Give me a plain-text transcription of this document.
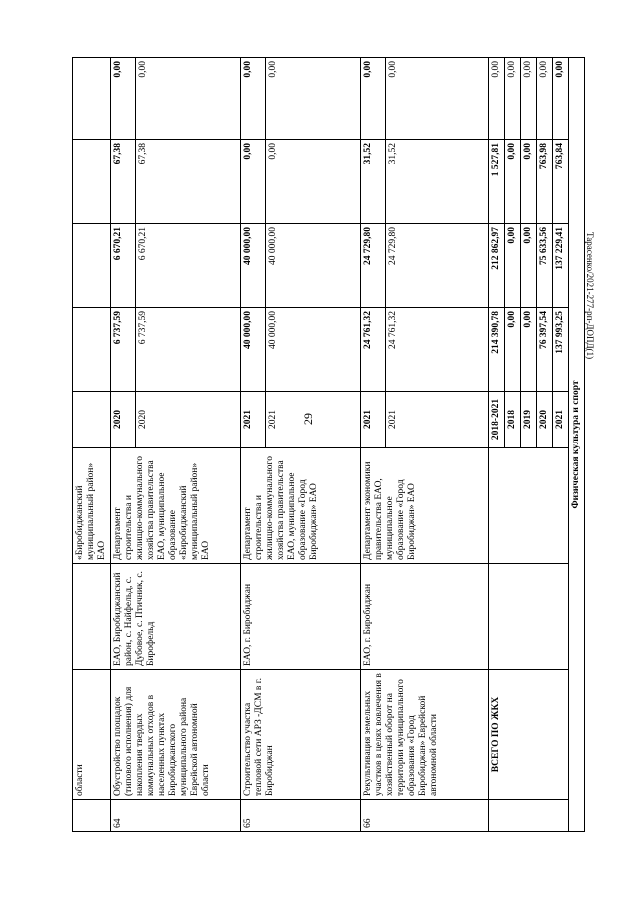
29
Тарасенко/2021-277-рп-ДОПД(1)
	области		«Биробиджанский муниципальный район» ЕАО					
64	Обустройство площадок (типового исполнения) для накопления твердых коммунальных отходов в населенных пунктах Биробиджанского муниципального района Еврейской автономной области	ЕАО, Биробиджанский район, с. Найфельд, с. Дубовое, с. Птичник, с. Бирофельд	Департамент строительства и жилищно-коммунального хозяйства правительства ЕАО, муниципальное образование «Биробиджанский муниципальный район» ЕАО	2020	6 737,59	6 670,21	67,38	0,00
				2020	6 737,59	6 670,21	67,38	0,00
65	Строительство участка тепловой сети АРЗ -ДСМ в г. Биробиджан	ЕАО, г. Биробиджан	Департамент строительства и жилищно-коммунального хозяйства правительства ЕАО, муниципальное образование «Город Биробиджан» ЕАО	2021	40 000,00	40 000,00	0,00	0,00
				2021	40 000,00	40 000,00	0,00	0,00
66	Рекультивация земельных участков в целях вовлечения в хозяйственный оборот на территории муниципального образования «Город Биробиджан» Еврейской автономной области	ЕАО, г. Биробиджан	Департамент экономики правительства ЕАО, муниципальное образование «Город Биробиджан» ЕАО	2021	24 761,32	24 729,80	31,52	0,00
				2021	24 761,32	24 729,80	31,52	0,00
	ВСЕГО ПО ЖКХ			2018-2021	214 390,78	212 862,97	1 527,81	0,00
				2018	0,00	0,00	0,00	0,00
				2019	0,00	0,00	0,00	0,00
				2020	76 397,54	75 633,56	763,98	0,00
				2021	137 993,25	137 229,41	763,84	0,00
Физическая культура и спорт								
